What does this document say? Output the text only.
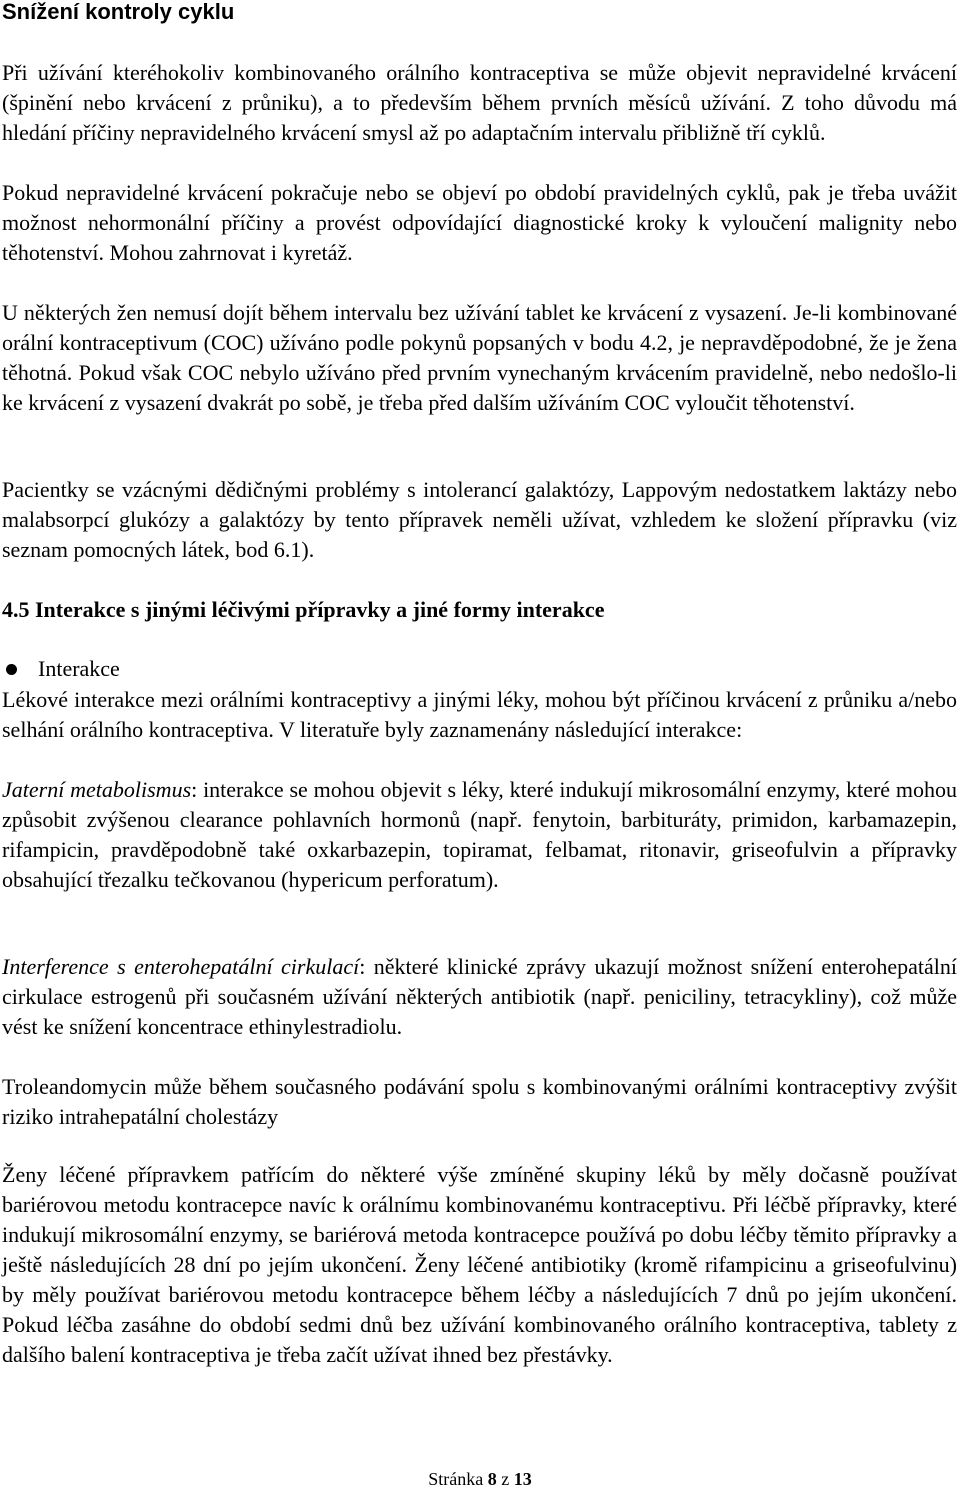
Snížení kontroly cyklu

Při užívání kteréhokoliv kombinovaného orálního kontraceptiva se může objevit nepravidelné krvácení (špinění nebo krvácení z průniku), a to především během prvních měsíců užívání. Z toho důvodu má hledání příčiny nepravidelného krvácení smysl až po adaptačním intervalu přibližně tří cyklů.

Pokud nepravidelné krvácení pokračuje nebo se objeví po období pravidelných cyklů, pak je třeba uvážit možnost nehormonální příčiny a provést odpovídající diagnostické kroky k vyloučení malignity nebo těhotenství. Mohou zahrnovat i kyretáž.

U některých žen nemusí dojít během intervalu bez užívání tablet ke krvácení z vysazení. Je-li kombinované orální kontraceptivum (COC) užíváno podle pokynů popsaných v bodu 4.2, je nepravděpodobné, že je žena těhotná. Pokud však COC nebylo užíváno před prvním vynechaným krvácením pravidelně, nebo nedošlo-li ke krvácení z vysazení dvakrát po sobě, je třeba před dalším užíváním COC vyloučit těhotenství.

Pacientky se vzácnými dědičnými problémy s intolerancí galaktózy, Lappovým nedostatkem laktázy nebo malabsorpcí glukózy a galaktózy by tento přípravek neměli užívat, vzhledem ke složení přípravku (viz seznam pomocných látek, bod 6.1).

4.5 Interakce s jinými léčivými přípravky a jiné formy interakce
Interakce

Lékové interakce mezi orálními kontraceptivy a jinými léky, mohou být příčinou krvácení z průniku a/nebo selhání orálního kontraceptiva. V literatuře byly zaznamenány následující interakce:

Jaterní metabolismus: interakce se mohou objevit s léky, které indukují mikrosomální enzymy, které mohou způsobit zvýšenou clearance pohlavních hormonů (např. fenytoin, barbituráty, primidon, karbamazepin, rifampicin, pravděpodobně také oxkarbazepin, topiramat, felbamat, ritonavir, griseofulvin a přípravky obsahující třezalku tečkovanou (hypericum perforatum).

Interference s enterohepatální cirkulací: některé klinické zprávy ukazují možnost snížení enterohepatální cirkulace estrogenů při současném užívání některých antibiotik (např. peniciliny, tetracykliny), což může vést ke snížení koncentrace ethinylestradiolu.

Troleandomycin může během současného podávání spolu s kombinovanými orálními kontraceptivy zvýšit riziko intrahepatální cholestázy

Ženy léčené přípravkem patřícím do některé výše zmíněné skupiny léků by měly dočasně používat bariérovou metodu kontracepce navíc k orálnímu kombinovanému kontraceptivu. Při léčbě přípravky, které indukují mikrosomální enzymy, se bariérová metoda kontracepce používá po dobu léčby těmito přípravky a ještě následujících 28 dní po jejím ukončení. Ženy léčené antibiotiky (kromě rifampicinu a griseofulvinu) by měly používat bariérovou metodu kontracepce během léčby a následujících 7 dnů po jejím ukončení. Pokud léčba zasáhne do období sedmi dnů bez užívání kombinovaného orálního kontraceptiva, tablety z dalšího balení kontraceptiva je třeba začít užívat ihned bez přestávky.

Stránka 8 z 13
